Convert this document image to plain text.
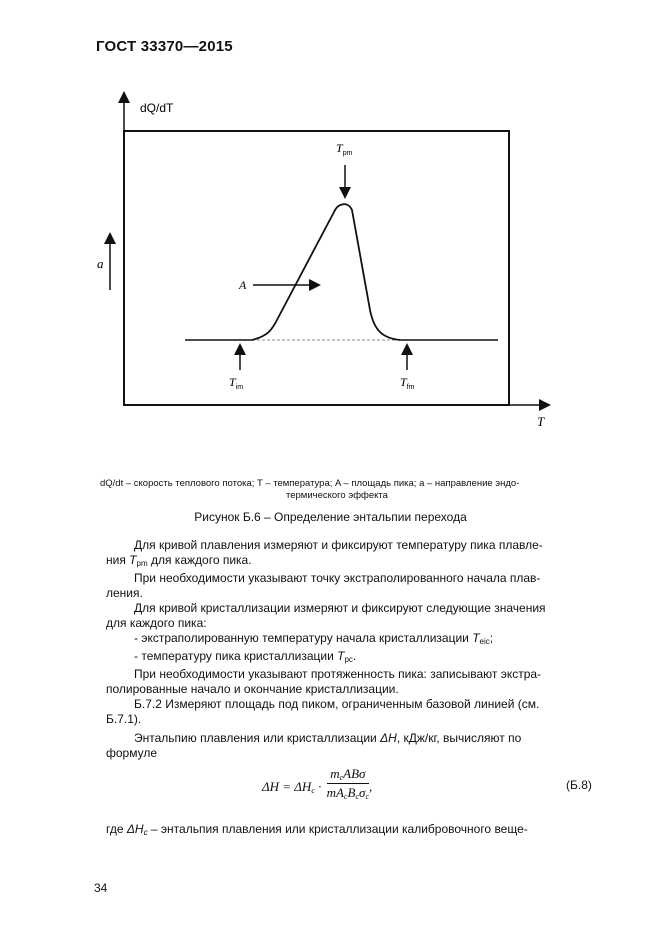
ГОСТ 33370—2015
dQ/dT
T
a
A
$T_{pm}$
$T_{im}$	$T_{fm}$
dQ/dt – скорость теплового потока; T – температура; A – площадь пика; a – направление эндо-
термического эффекта
Рисунок Б.6 – Определение энтальпии перехода
Для кривой плавления измеряют и фиксируют температуру пика плавле-
ния $T_{pm}$ для каждого пика.
При необходимости указывают точку экстраполированного начала плав-
ления.
Для кривой кристаллизации измеряют и фиксируют следующие значения
для каждого пика:
- экстраполированную температуру начала кристаллизации $T_{eic}$;
- температуру пика кристаллизации $T_{pc}$.
При необходимости указывают протяженность пика: записывают экстра-
полированные начало и окончание кристаллизации.
Б.7.2 Измеряют площадь под пиком, ограниченным базовой линией (см.
Б.7.1).
Энтальпию плавления или кристаллизации ΔH, кДж/кг, вычисляют по
формуле
$\Delta H = \Delta H_c$ ·
$m_cAB\sigma$
$mA_cB_c\sigma_c$
,	(Б.8)
где $\Delta H_c$ – энтальпия плавления или кристаллизации калибровочного веще-
34
